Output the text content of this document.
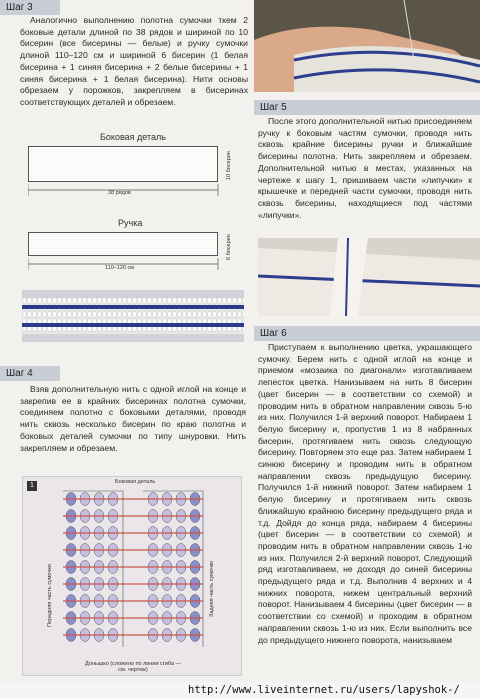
Шаг 3

Аналогично выполнению полотна сумочки ткем 2 боковые детали длиной по 38 рядов и шириной по 10 бисерин (все бисерины — белые) и ручку сумочки длиной 110–120 см и шириной 6 бисерин (1 белая бисерина + 1 синяя бисерина + 2 белые бисерины + 1 синяя бисерина + 1 белая бисерина). Нити основы обрезаем у порожков, закрепляем в бисеринах соответствующих деталей и обрезаем.

Боковая деталь
10 бисерин
38 рядов
Ручка
6 бисерин
110–120 см
Шаг 4

Взяв дополнительную нить с одной иглой на конце и закрепив ее в крайних бисеринах полотна сумочки, соединяем полотно с боковыми деталями, проводя нить сквозь несколько бисерин по краю полотна и боковых деталей сумочки по типу шнуровки. Нить закрепляем и обрезаем.

1	Боковая деталь
Передняя часть сумочки	Задняя часть сумочки
Донышко (сложено по линии сгиба — см. чертеж)
Шаг 5

После этого дополнительной нитью присоединяем ручку к боковым частям сумочки, проводя нить сквозь крайние бисерины ручки и ближайшие бисерины полотна. Нить закрепляем и обрезаем. Дополнительной нитью в местах, указанных на чертеже к шагу 1, пришиваем части «липучки» к крышечке и передней части сумочки, проводя нить сквозь бисерины, находящиеся под частями «липучки».

Шаг 6

Приступаем к выполнению цветка, украшающего сумочку. Берем нить с одной иглой на конце и приемом «мозаика по диагонали» изготавливаем лепесток цветка. Нанизываем на нить 8 бисерин (цвет бисерин — в соответствии со схемой) и проводим нить в обратном направлении сквозь 5-ю из них. Получился 1-й верхний поворот. Набираем 1 белую бисерину и, пропустив 1 из 8 набранных бисерин, протягиваем нить сквозь следующую бисерину. Повторяем это еще раз. Затем набираем 1 синюю бисерину и проводим нить в обратном направлении сквозь предыдущую бисерину. Получился 1-й нижний поворот. Затем набираем 1 белую бисерину и протягиваем нить сквозь ближайшую крайнюю бисерину предыдущего ряда и т.д. Дойдя до конца ряда, набираем 4 бисерины (цвет бисерин — в соответствии со схемой) и проводим нить в обратном направлении сквозь 1-ю из них. Получился 2-й верхний поворот. Следующий ряд изготавливаем, не доходя до синей бисерины предыдущего ряда и т.д. Выполнив 4 верхних и 4 нижних поворота, нижем центральный верхний поворот. Нанизываем 4 бисерины (цвет бисерин — в соответствии со схемой) и проходим в обратном направлении сквозь 1-ю из них. Если выполнить все до предыдущего нижнего поворота, нанизываем

http://www.liveinternet.ru/users/lapyshok-/
